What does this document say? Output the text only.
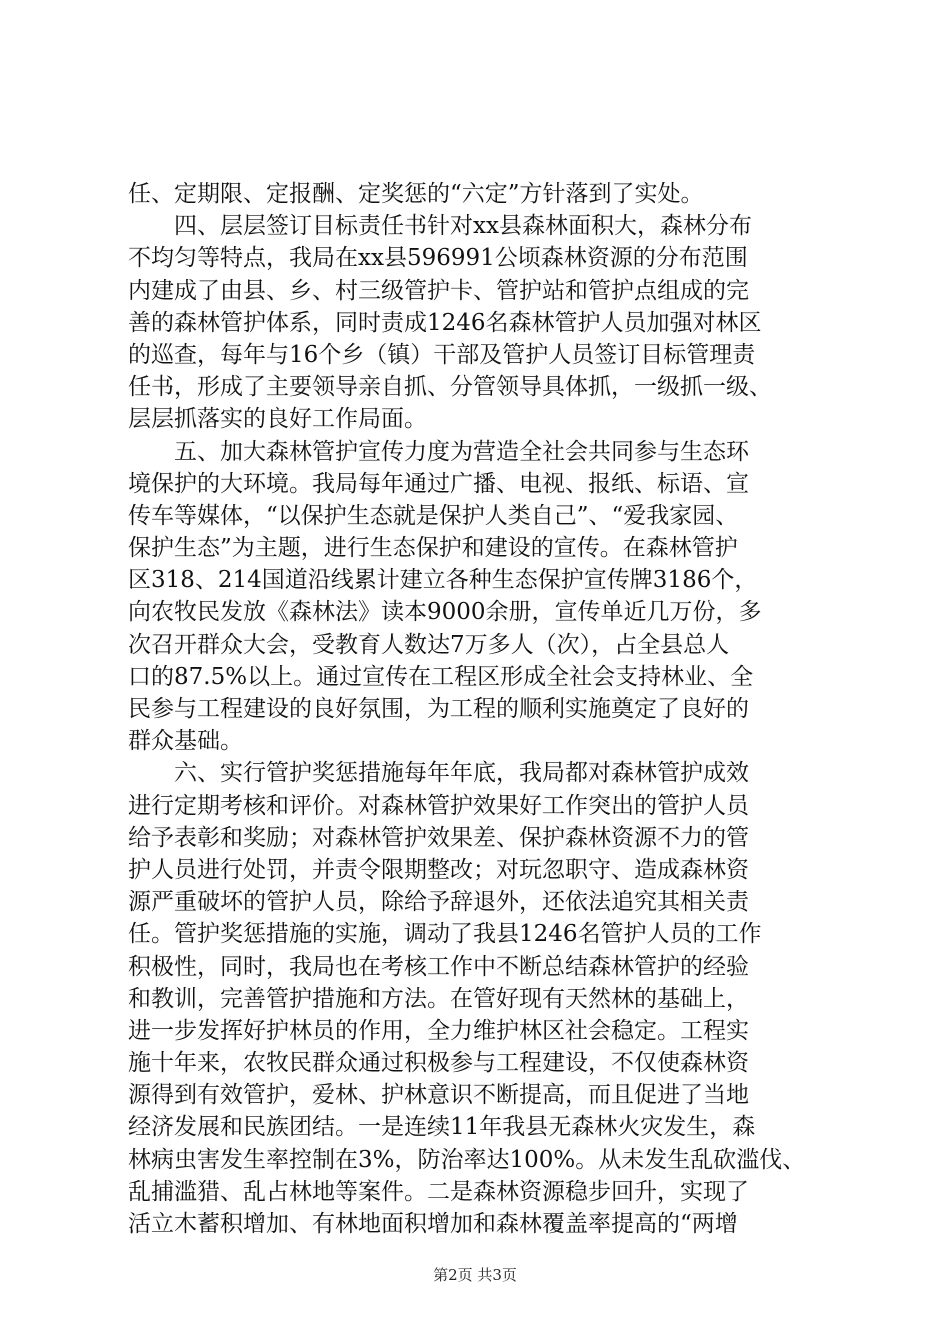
任、定期限、定报酬、定奖惩的“六定”方针落到了实处。
四、层层签订目标责任书针对xx县森林面积大，森林分布
不均匀等特点，我局在xx县596991公顷森林资源的分布范围
内建成了由县、乡、村三级管护卡、管护站和管护点组成的完
善的森林管护体系，同时责成1246名森林管护人员加强对林区
的巡查，每年与16个乡（镇）干部及管护人员签订目标管理责
任书，形成了主要领导亲自抓、分管领导具体抓，一级抓一级、
层层抓落实的良好工作局面。
五、加大森林管护宣传力度为营造全社会共同参与生态环
境保护的大环境。我局每年通过广播、电视、报纸、标语、宣
传车等媒体，“以保护生态就是保护人类自己”、“爱我家园、
保护生态”为主题，进行生态保护和建设的宣传。在森林管护
区318、214国道沿线累计建立各种生态保护宣传牌3186个，
向农牧民发放《森林法》读本9000余册，宣传单近几万份，多
次召开群众大会，受教育人数达7万多人（次），占全县总人
口的87.5%以上。通过宣传在工程区形成全社会支持林业、全
民参与工程建设的良好氛围，为工程的顺利实施奠定了良好的
群众基础。
六、实行管护奖惩措施每年年底，我局都对森林管护成效
进行定期考核和评价。对森林管护效果好工作突出的管护人员
给予表彰和奖励；对森林管护效果差、保护森林资源不力的管
护人员进行处罚，并责令限期整改；对玩忽职守、造成森林资
源严重破坏的管护人员，除给予辞退外，还依法追究其相关责
任。管护奖惩措施的实施，调动了我县1246名管护人员的工作
积极性，同时，我局也在考核工作中不断总结森林管护的经验
和教训，完善管护措施和方法。在管好现有天然林的基础上，
进一步发挥好护林员的作用，全力维护林区社会稳定。工程实
施十年来，农牧民群众通过积极参与工程建设，不仅使森林资
源得到有效管护，爱林、护林意识不断提高，而且促进了当地
经济发展和民族团结。一是连续11年我县无森林火灾发生，森
林病虫害发生率控制在3%，防治率达100%。从未发生乱砍滥伐、
乱捕滥猎、乱占林地等案件。二是森林资源稳步回升，实现了
活立木蓄积增加、有林地面积增加和森林覆盖率提高的“两增
第2页 共3页
